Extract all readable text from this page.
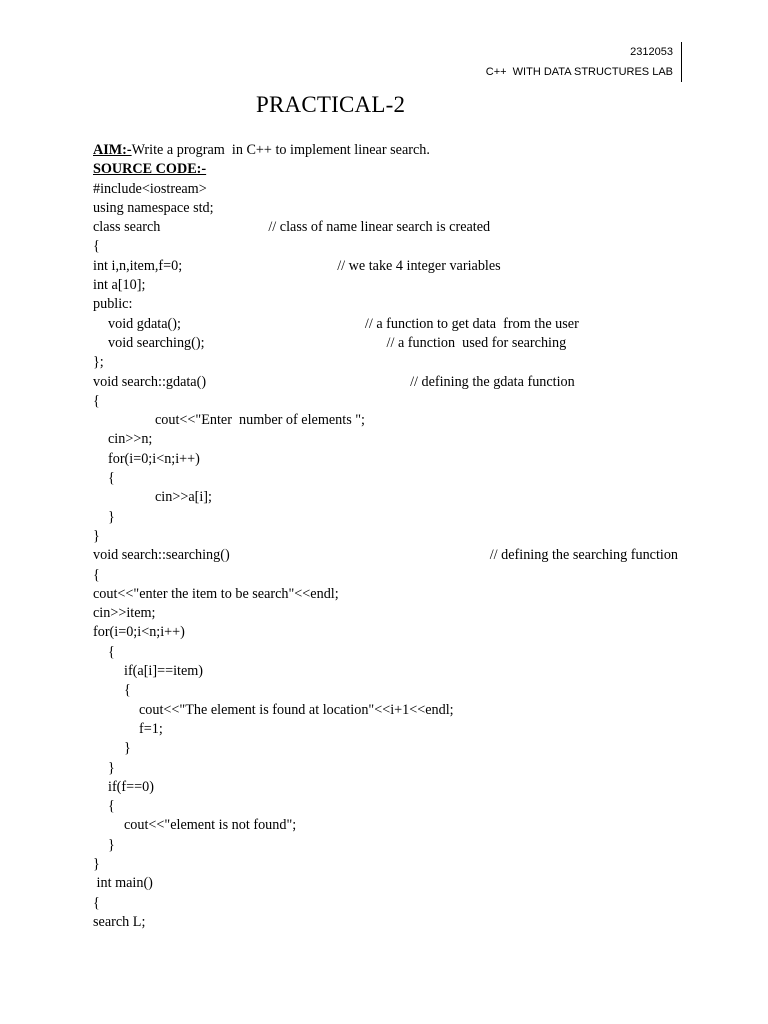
2312053
C++  WITH DATA STRUCTURES LAB
PRACTICAL-2
AIM:-Write a program  in C++ to implement linear search.
SOURCE CODE:-
#include<iostream>
using namespace std;
class search	// class of name linear search is created
{
int i,n,item,f=0;	// we take 4 integer variables
int a[10];
public:
void gdata();	// a function to get data  from the user
void searching();	// a function  used for searching
};
void search::gdata()	// defining the gdata function
{
cout<<"Enter  number of elements ";
cin>>n;
for(i=0;i<n;i++)
{
cin>>a[i];
}
}
void search::searching()	// defining the searching function
{
cout<<"enter the item to be search"<<endl;
cin>>item;
for(i=0;i<n;i++)
{
if(a[i]==item)
{
cout<<"The element is found at location"<<i+1<<endl;
f=1;
}
}
if(f==0)
{
cout<<"element is not found";
}
}
int main()
{
search L;
